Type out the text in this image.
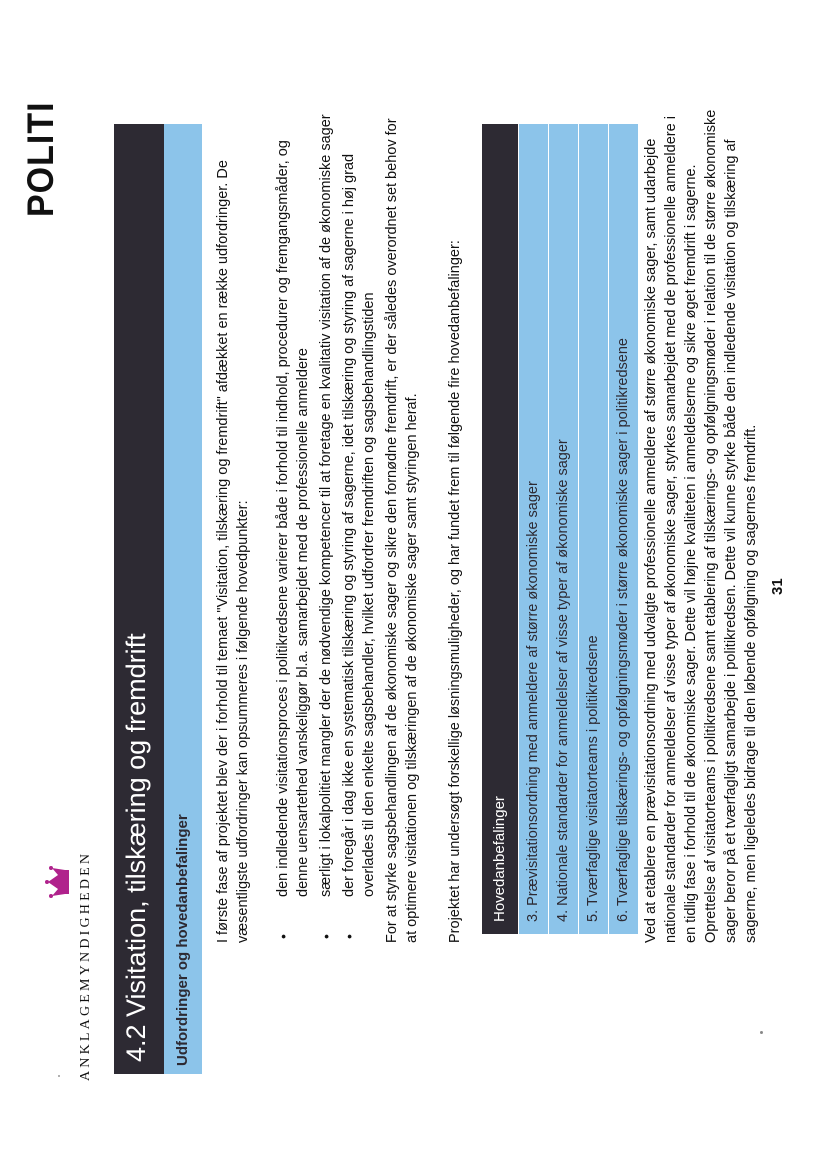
ANKLAGEMYNDIGHEDEN
POLITI
4.2 Visitation, tilskæring og fremdrift Udfordringer og hovedanbefalinger I første fase af projektet blev der i forhold til temaet "Visitation, tilskæring og fremdrift" afdækket en række udfordringer. De væsentligste udfordringer kan opsummeres i følgende hovedpunkter: •
den indledende visitationsproces i politikredsene varierer både i forhold til indhold, procedurer og fremgangsmåder, og denne uensartethed vanskeliggør bl.a. samarbejdet med de professionelle anmeldere
•
særligt i lokalpolitiet mangler der de nødvendige kompetencer til at foretage en kvalitativ visitation af de økonomiske sager
•
der foregår i dag ikke en systematisk tilskæring og styring af sagerne, idet tilskæring og styring af sagerne i høj grad overlades til den enkelte sagsbehandler, hvilket udfordrer fremdriften og sagsbehandlingstiden For at styrke sagsbehandlingen af de økonomiske sager og sikre den fornødne fremdrift, er der således overordnet set behov for at optimere visitationen og tilskæringen af de økonomiske sager samt styringen heraf. Projektet har undersøgt forskellige løsningsmuligheder, og har fundet frem til følgende fire hovedanbefalinger:	Hovedanbefalinger	3. Prævisitationsordning med anmeldere af større økonomiske sager 4. Nationale standarder for anmeldelser af visse typer af økonomiske sager 5. Tværfaglige visitatorteams i politikredsene 6. Tværfaglige tilskærings- og opfølgningsmøder i større økonomiske sager i politikredsene Ved at etablere en prævisitationsordning med udvalgte professionelle anmeldere af større økonomiske sager, samt udarbejde nationale standarder for anmeldelser af visse typer af økonomiske sager, styrkes samarbejdet med de professionelle anmeldere i en tidlig fase i forhold til de økonomiske sager. Dette vil højne kvaliteten i anmeldelserne og sikre øget fremdrift i sagerne. Oprettelse af visitatorteams i politikredsene samt etablering af tilskærings- og opfølgningsmøder i relation til de større økonomiske sager beror på et tværfagligt samarbejde i politikredsen. Dette vil kunne styrke både den indledende visitation og tilskæring af sagerne, men ligeledes bidrage til den løbende opfølgning og sagernes fremdrift. 31
